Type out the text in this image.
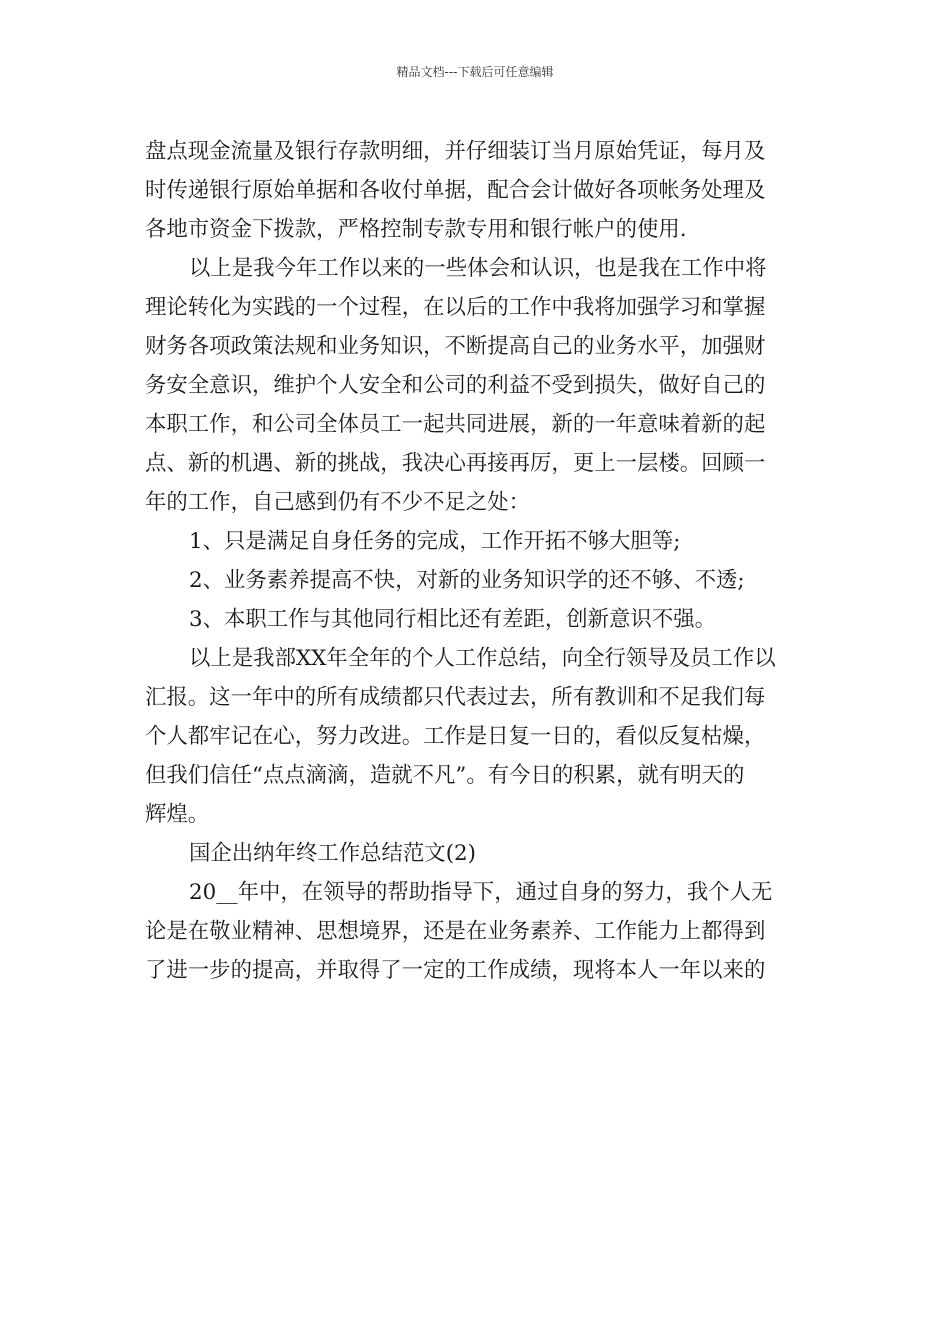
精品文档---下载后可任意编辑
盘点现金流量及银行存款明细，并仔细装订当月原始凭证，每月及
时传递银行原始单据和各收付单据，配合会计做好各项帐务处理及
各地市资金下拨款，严格控制专款专用和银行帐户的使用.
以上是我今年工作以来的一些体会和认识，也是我在工作中将
理论转化为实践的一个过程，在以后的工作中我将加强学习和掌握
财务各项政策法规和业务知识，不断提高自己的业务水平，加强财
务安全意识，维护个人安全和公司的利益不受到损失，做好自己的
本职工作，和公司全体员工一起共同进展，新的一年意味着新的起
点、新的机遇、新的挑战，我决心再接再厉，更上一层楼。回顾一
年的工作，自己感到仍有不少不足之处：
1、只是满足自身任务的完成，工作开拓不够大胆等;
2、业务素养提高不快，对新的业务知识学的还不够、不透;
3、本职工作与其他同行相比还有差距，创新意识不强。
以上是我部XX年全年的个人工作总结，向全行领导及员工作以
汇报。这一年中的所有成绩都只代表过去，所有教训和不足我们每
个人都牢记在心，努力改进。工作是日复一日的，看似反复枯燥，
但我们信任“点点滴滴，造就不凡”。有今日的积累，就有明天的
辉煌。
国企出纳年终工作总结范文(2)
20__年中，在领导的帮助指导下，通过自身的努力，我个人无
论是在敬业精神、思想境界，还是在业务素养、工作能力上都得到
了进一步的提高，并取得了一定的工作成绩，现将本人一年以来的
